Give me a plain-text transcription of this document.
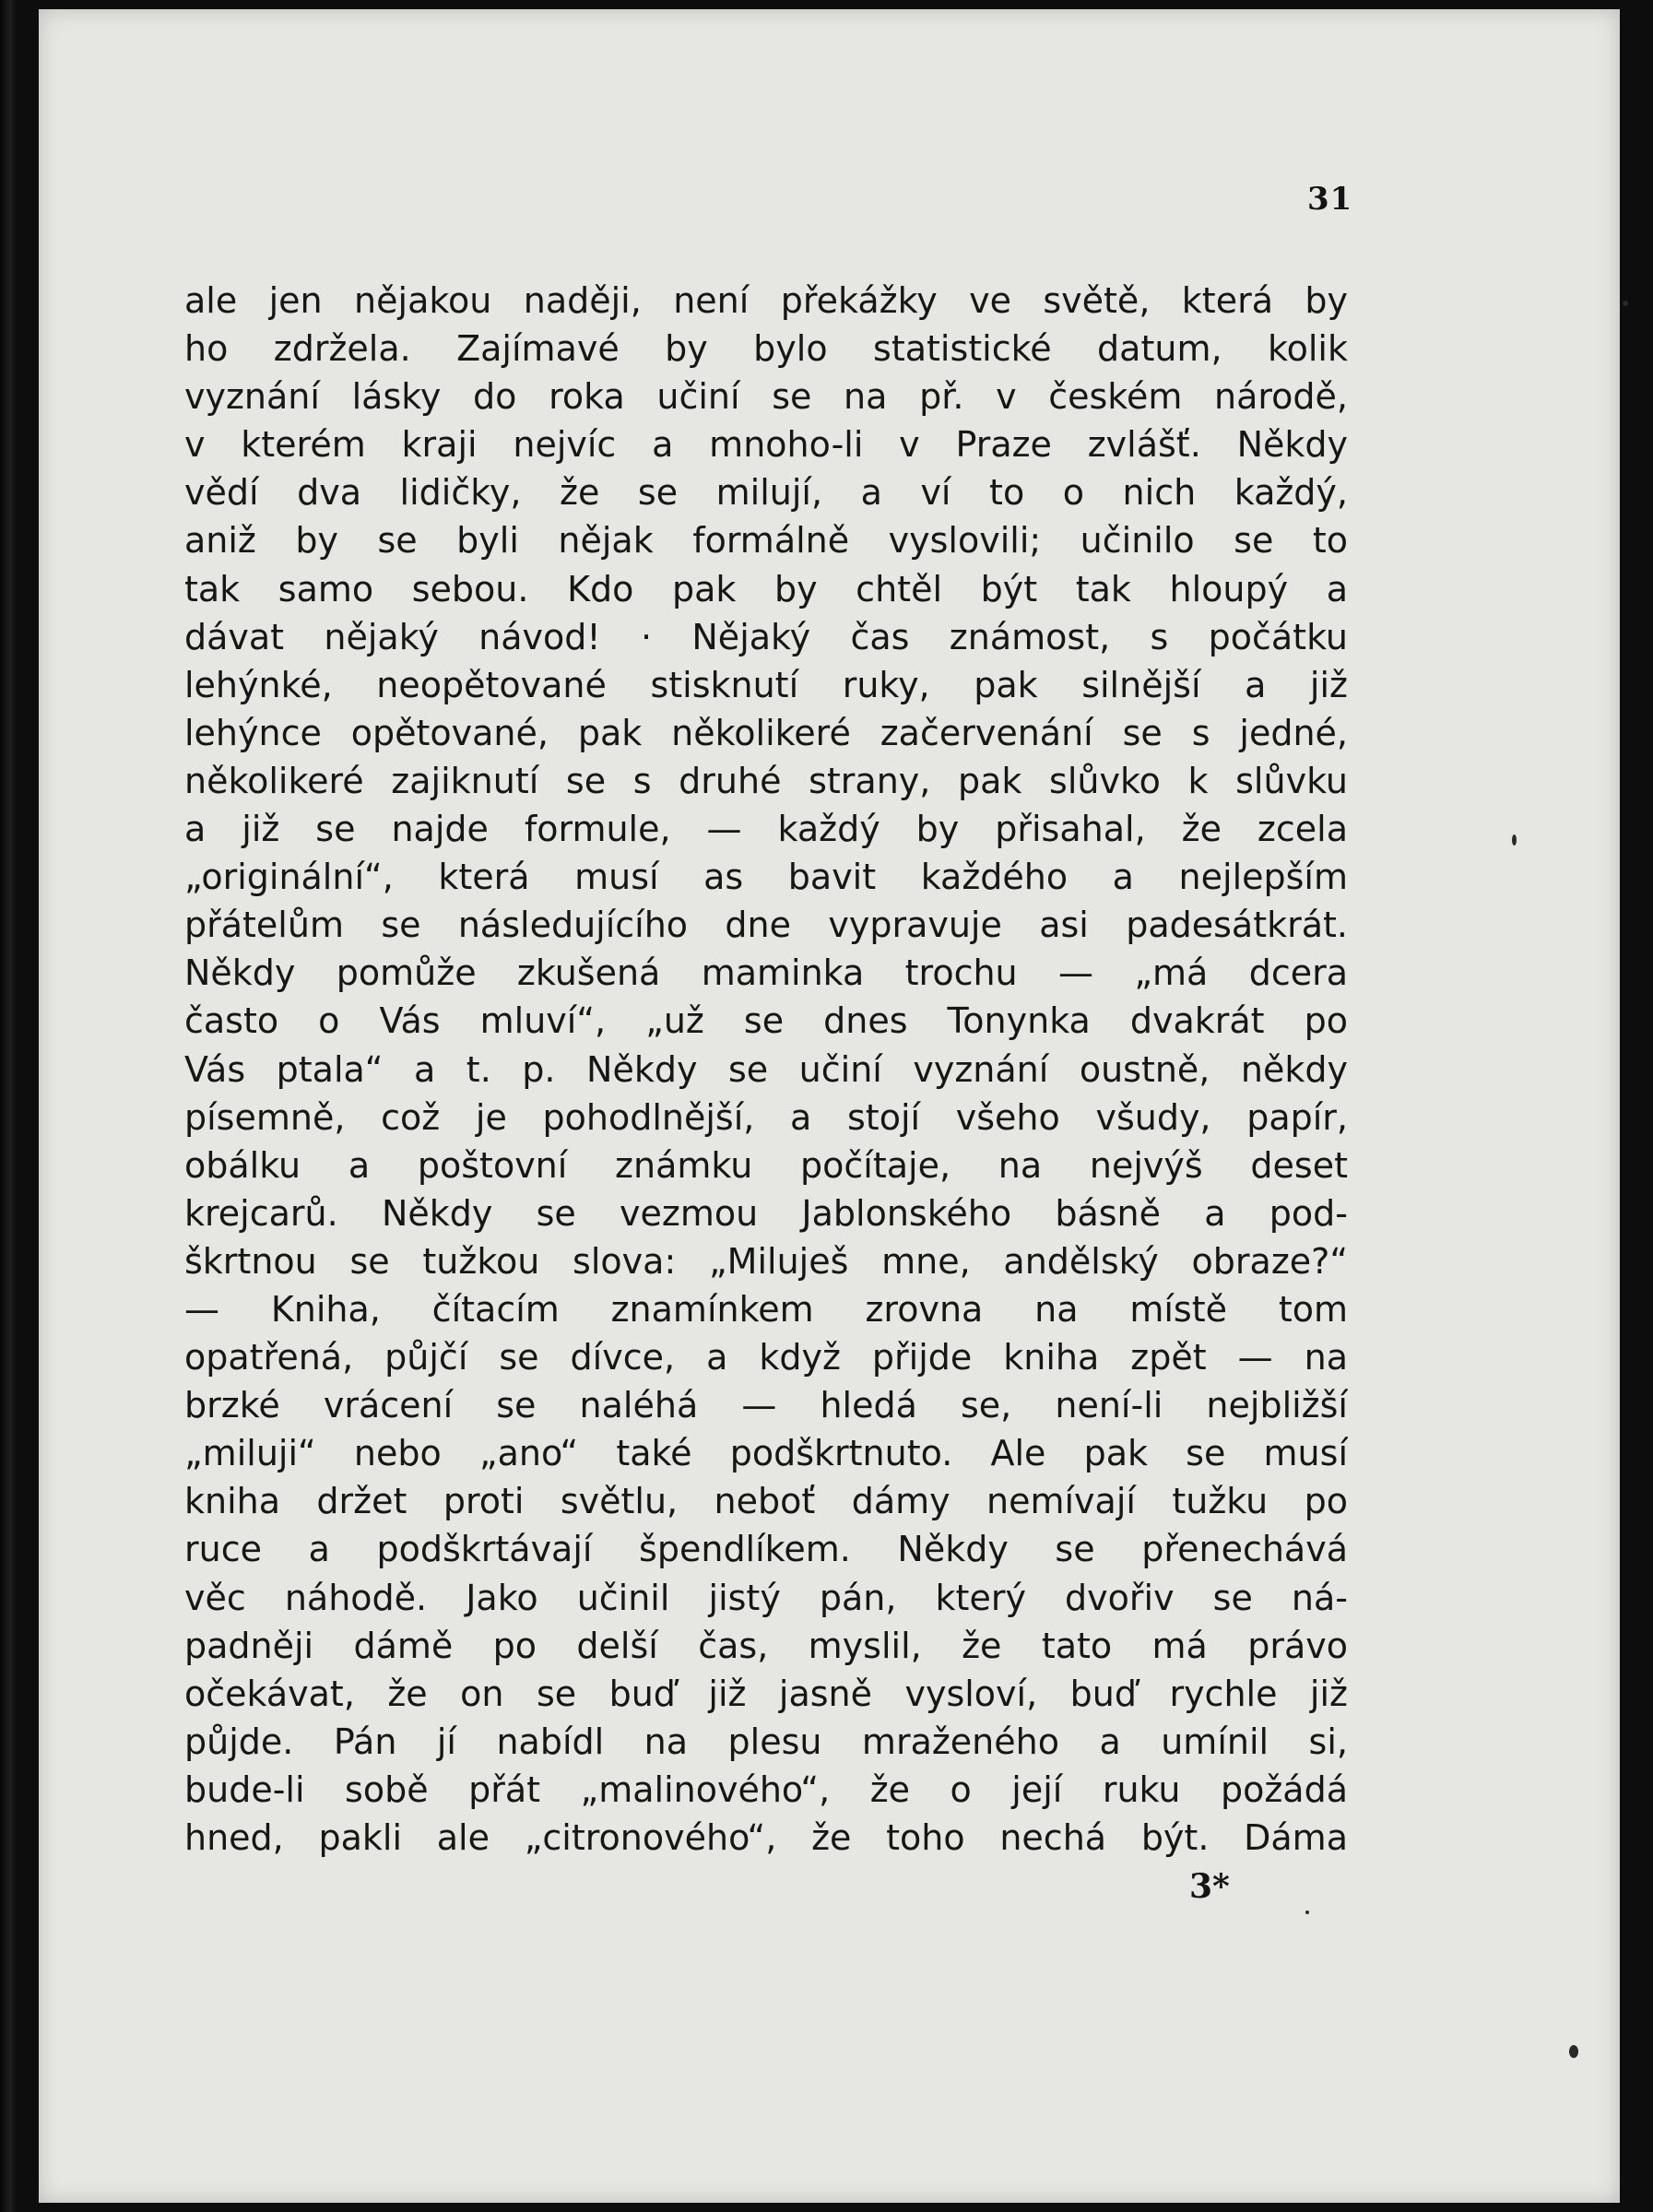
31

ale jen nějakou naději, není překážky ve světě, která by
ho zdržela. Zajímavé by bylo statistické datum, kolik
vyznání lásky do roka učiní se na př. v českém národě,
v kterém kraji nejvíc a mnoho-li v Praze zvlášť. Někdy
vědí dva lidičky, že se milují, a ví to o nich každý,
aniž by se byli nějak formálně vyslovili; učinilo se to
tak samo sebou. Kdo pak by chtěl být tak hloupý a
dávat nějaký návod! · Nějaký čas známost, s počátku
lehýnké, neopětované stisknutí ruky, pak silnější a již
lehýnce opětované, pak několikeré začervenání se s jedné,
několikeré zajiknutí se s druhé strany, pak slůvko k slůvku
a již se najde formule, — každý by přisahal, že zcela
„originální“, která musí as bavit každého a nejlepším
přátelům se následujícího dne vypravuje asi padesátkrát.
Někdy pomůže zkušená maminka trochu — „má dcera
často o Vás mluví“, „už se dnes Tonynka dvakrát po
Vás ptala“ a t. p. Někdy se učiní vyznání oustně, někdy
písemně, což je pohodlnější, a stojí všeho všudy, papír,
obálku a poštovní známku počítaje, na nejvýš deset
krejcarů. Někdy se vezmou Jablonského básně a pod-
škrtnou se tužkou slova: „Miluješ mne, andělský obraze?“
— Kniha, čítacím znamínkem zrovna na místě tom
opatřená, půjčí se dívce, a když přijde kniha zpět — na
brzké vrácení se naléhá — hledá se, není-li nejbližší
„miluji“ nebo „ano“ také podškrtnuto. Ale pak se musí
kniha držet proti světlu, neboť dámy nemívají tužku po
ruce a podškrtávají špendlíkem. Někdy se přenechává
věc náhodě. Jako učinil jistý pán, který dvořiv se ná-
padněji dámě po delší čas, myslil, že tato má právo
očekávat, že on se buď již jasně vysloví, buď rychle již
půjde. Pán jí nabídl na plesu mraženého a umínil si,
bude-li sobě přát „malinového“, že o její ruku požádá
hned, pakli ale „citronového“, že toho nechá být. Dáma

3*
